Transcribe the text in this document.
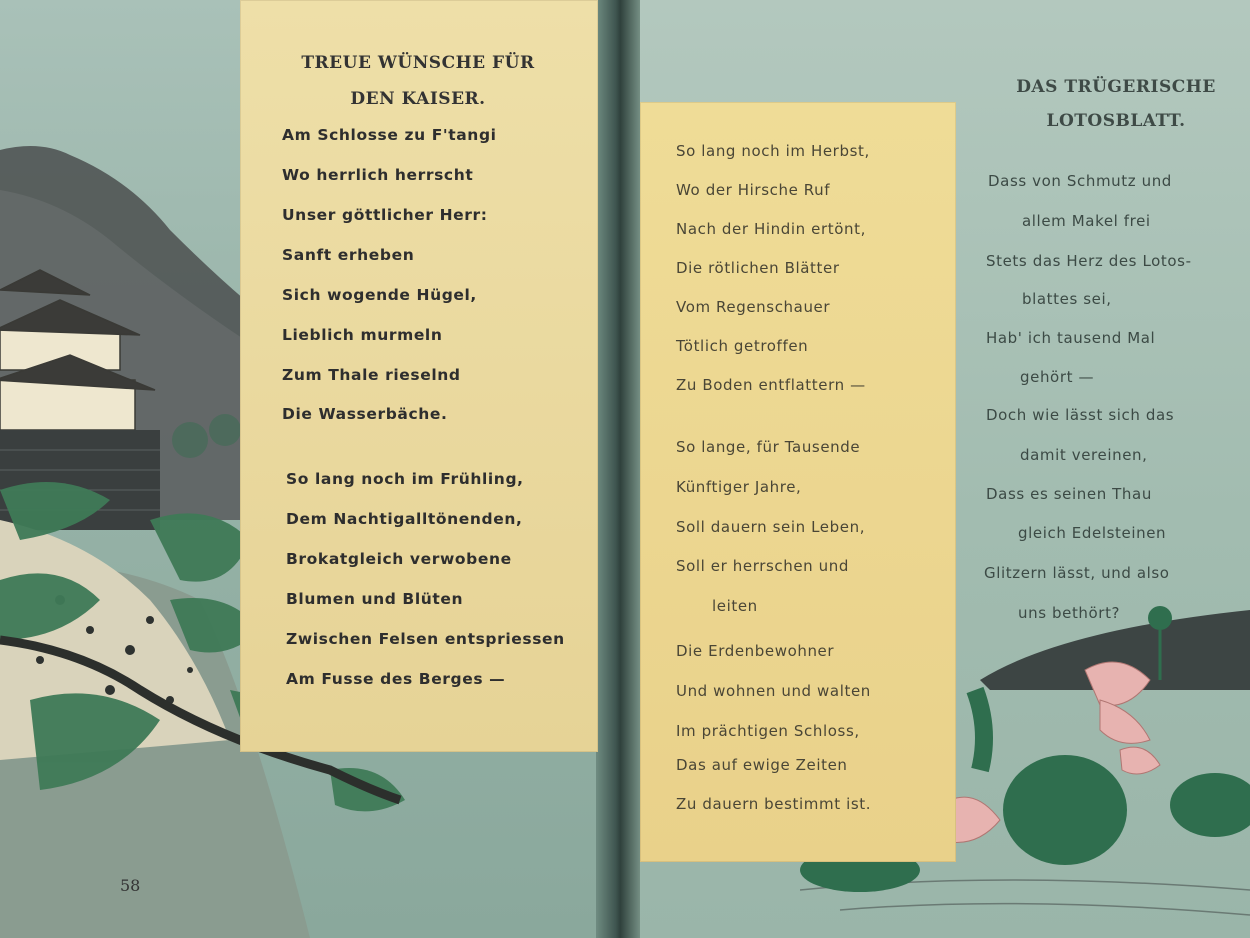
TREUE WÜNSCHE FÜR
DEN KAISER.

Am Schlosse zu F'tangi

Wo herrlich herrscht

Unser göttlicher Herr:

Sanft erheben

Sich wogende Hügel,

Lieblich murmeln

Zum Thale rieselnd

Die Wasserbäche.

So lang noch im Frühling,

Dem Nachtigalltönenden,

Brokatgleich verwobene

Blumen und Blüten

Zwischen Felsen entspriessen

Am Fusse des Berges —

So lang noch im Herbst,

Wo der Hirsche Ruf

Nach der Hindin ertönt,

Die rötlichen Blätter

Vom Regenschauer

Tötlich getroffen

Zu Boden entflattern —

So lange, für Tausende

Künftiger Jahre,

Soll dauern sein Leben,

Soll er herrschen und

leiten

Die Erdenbewohner

Und wohnen und walten

Im prächtigen Schloss,

Das auf ewige Zeiten

Zu dauern bestimmt ist.

DAS TRÜGERISCHE
LOTOSBLATT.

Dass von Schmutz und

allem Makel frei

Stets das Herz des Lotos-

blattes sei,

Hab' ich tausend Mal

gehört —

Doch wie lässt sich das

damit vereinen,

Dass es seinen Thau

gleich Edelsteinen

Glitzern lässt, und also

uns bethört?

58
